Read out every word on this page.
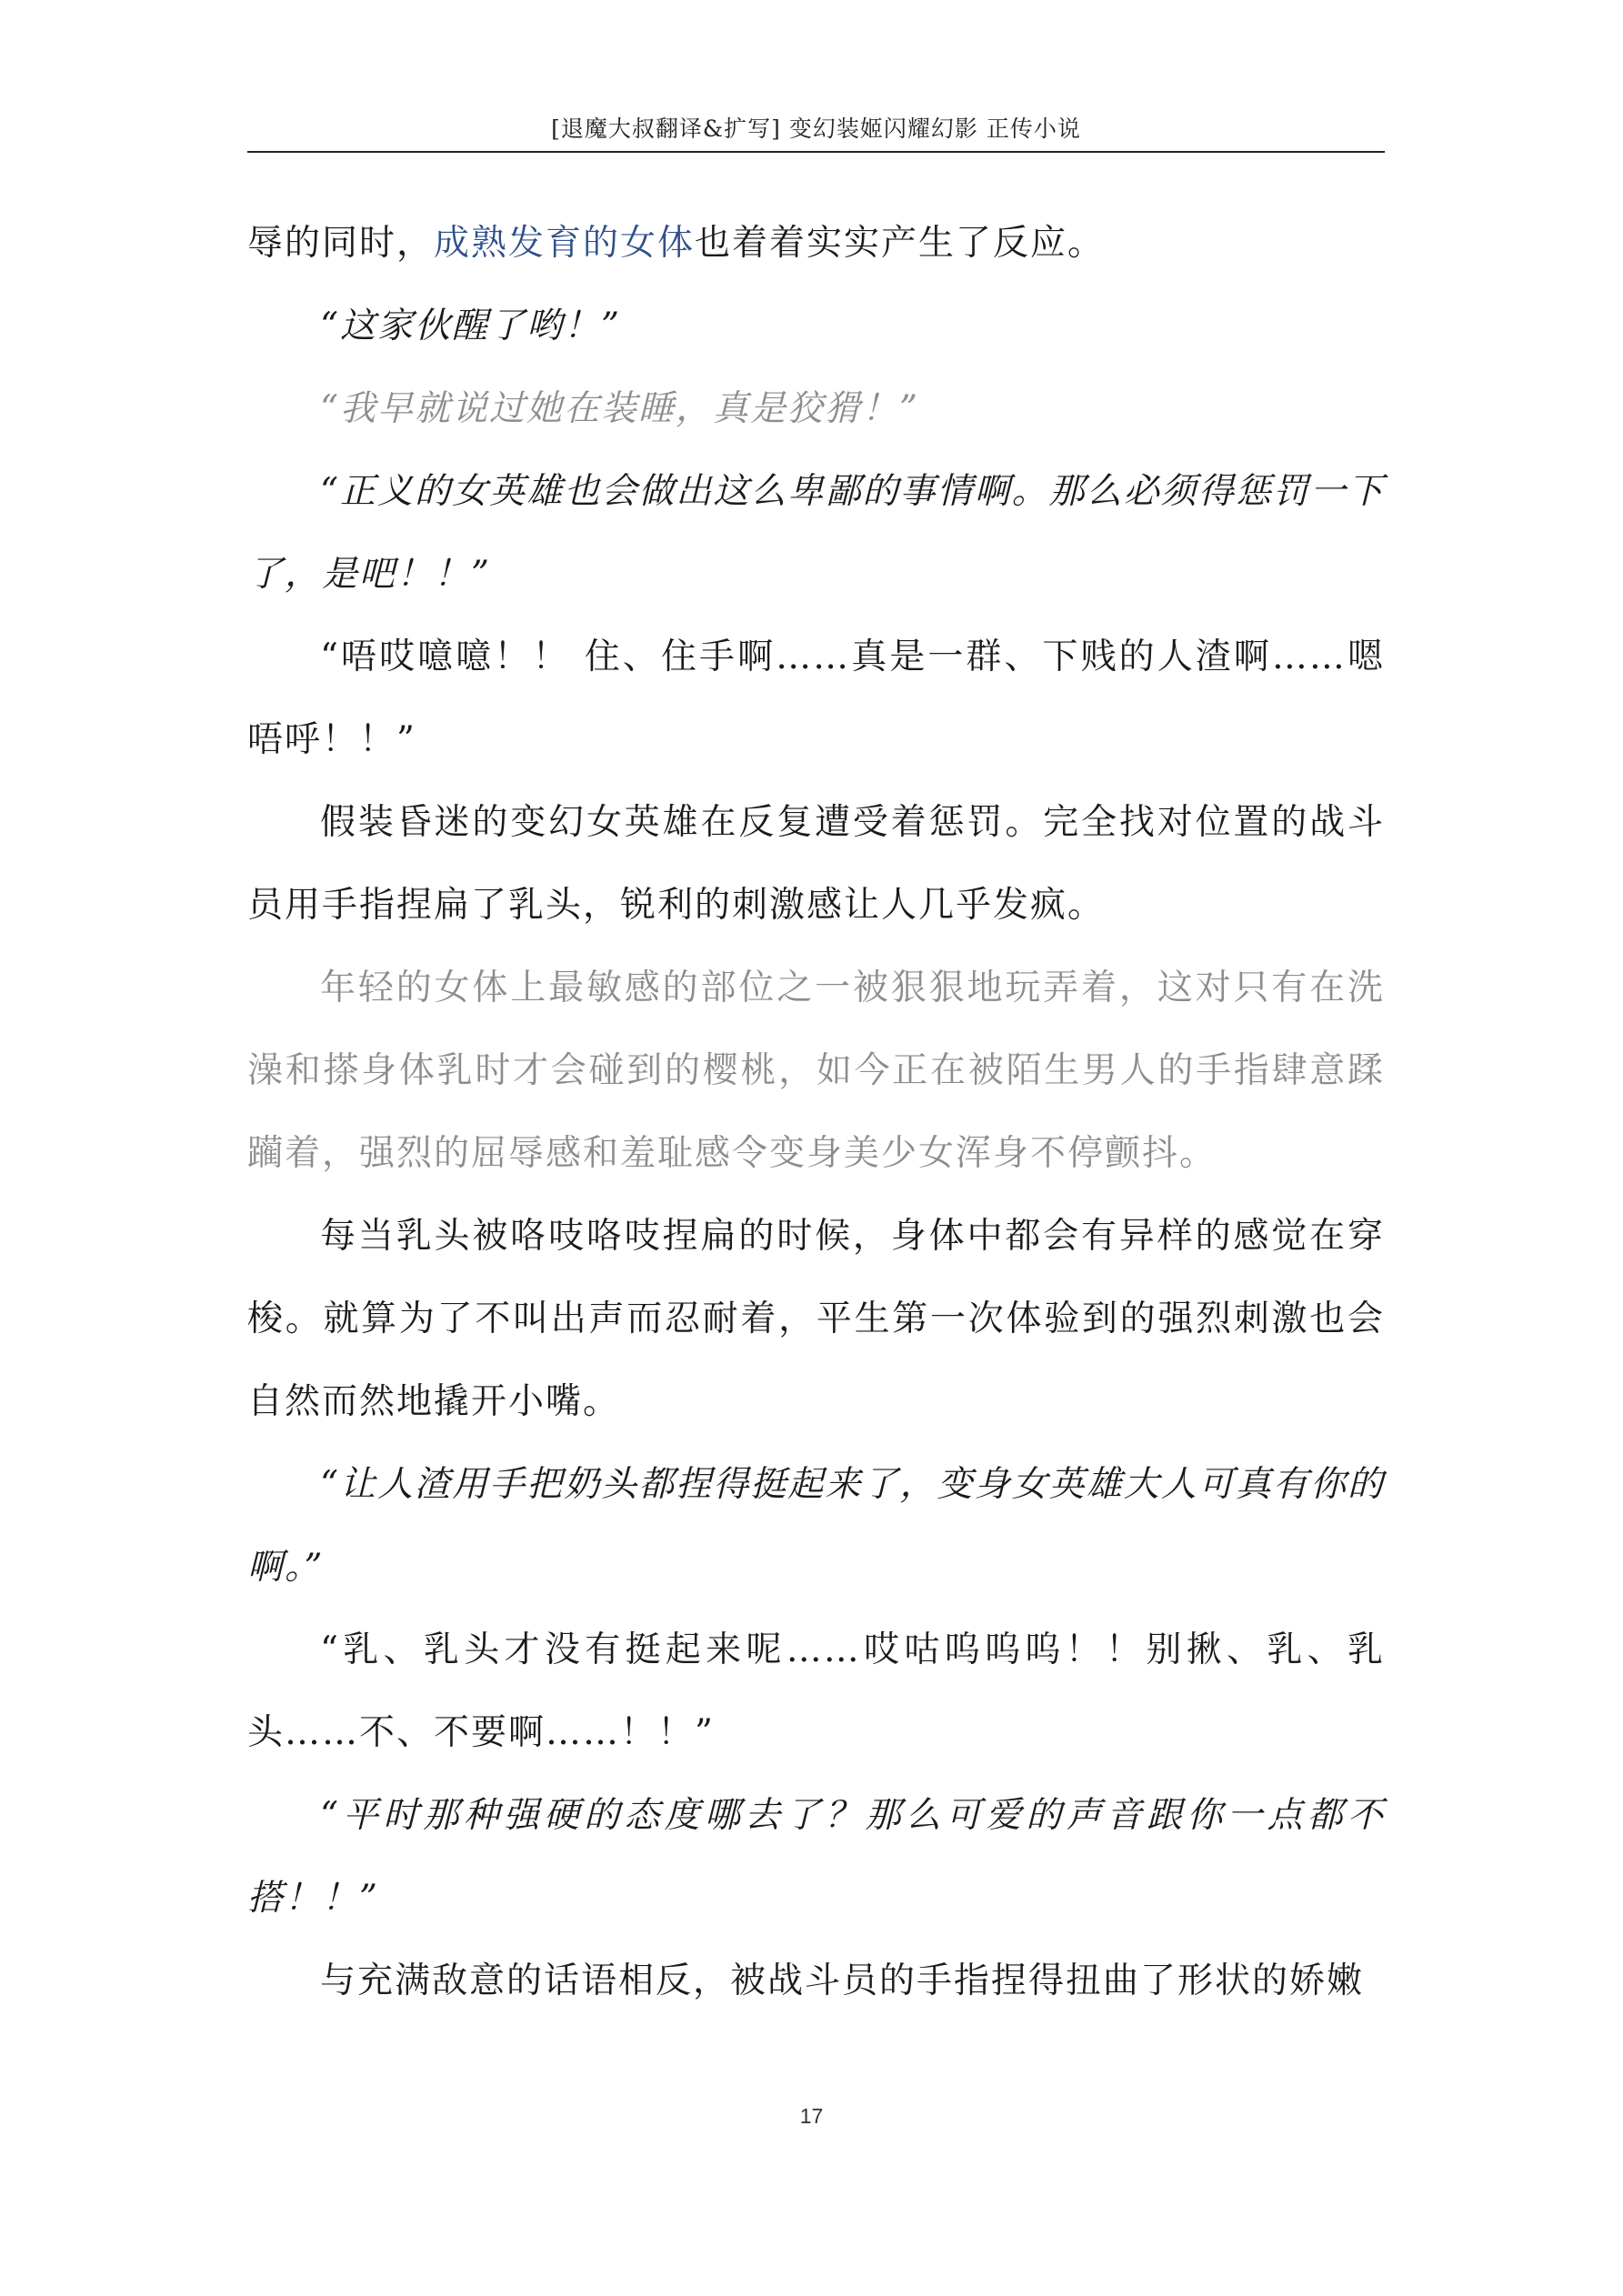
[退魔大叔翻译&扩写] 变幻装姬闪耀幻影 正传小说

辱的同时，成熟发育的女体也着着实实产生了反应。

“这家伙醒了哟！”

“我早就说过她在装睡，真是狡猾！”

“正义的女英雄也会做出这么卑鄙的事情啊。那么必须得惩罚一下了，是吧！！”

“唔哎噫噫！！ 住、住手啊……真是一群、下贱的人渣啊……嗯唔呼！！”

假装昏迷的变幻女英雄在反复遭受着惩罚。完全找对位置的战斗员用手指捏扁了乳头，锐利的刺激感让人几乎发疯。

年轻的女体上最敏感的部位之一被狠狠地玩弄着，这对只有在洗澡和搽身体乳时才会碰到的樱桃，如今正在被陌生男人的手指肆意蹂躏着，强烈的屈辱感和羞耻感令变身美少女浑身不停颤抖。

每当乳头被咯吱咯吱捏扁的时候，身体中都会有异样的感觉在穿梭。就算为了不叫出声而忍耐着，平生第一次体验到的强烈刺激也会自然而然地撬开小嘴。

“让人渣用手把奶头都捏得挺起来了，变身女英雄大人可真有你的啊。”

“乳、乳头才没有挺起来呢……哎咕呜呜呜！！别揪、乳、乳头……不、不要啊……！！”

“平时那种强硬的态度哪去了？那么可爱的声音跟你一点都不搭！！”

与充满敌意的话语相反，被战斗员的手指捏得扭曲了形状的娇嫩

17
